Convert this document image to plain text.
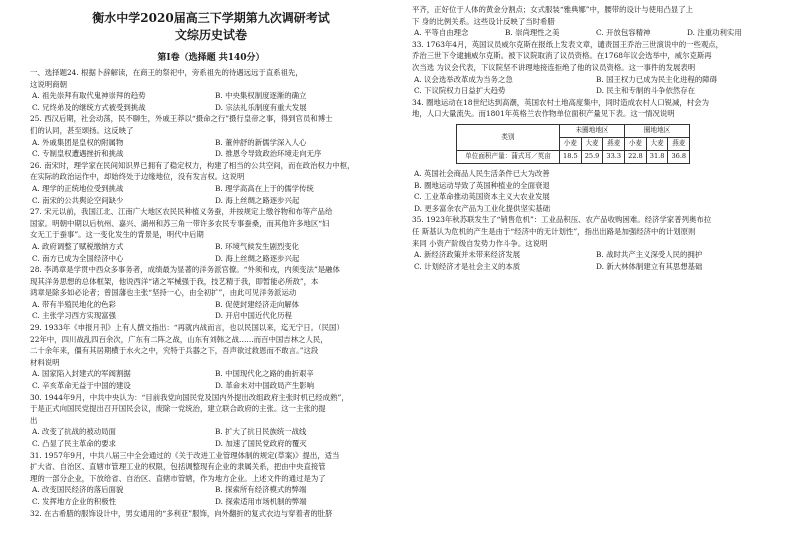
衡水中学2020届高三下学期第九次调研考试

文综历史试卷

第Ⅰ卷（选择题 共140分）

一、选择题24. 根据卜辞解读，在商王的祭祀中，旁系祖先的待遇远远于直系祖先，

这说明商朝

A. 祖先崇拜有取代鬼神崇拜的趋势	B. 中央集权制度逐渐的确立
C. 兄终弟及的继统方式被受到挑战	D. 宗法礼乐制度有重大发展

25. 西汉后期，社会动荡，民不聊生，外戚王莽以“摄命之行”摄行皇帝之事，得到官员和博士

们的认同，甚至颂扬。这反映了

A. 外戚集团是皇权的附属物	B. 董仲舒的新儒学深入人心
C. 专制皇权遭遇挫折和挑战	D. 推恩令导致政治环境走向无序

26. 南宋时，理学家在民间知识界已拥有了稳定权力，构建了相当的公共空间，而在政治权力中枢，

在实际的政治运作中，却始终处于边缘地位，没有发言权。这说明

A. 理学的正统地位受到挑战	B. 理学高高在上于的儒学传统
C. 南宋的公共舆论空间缺少	D. 海上丝绸之路逐步兴起

27. 宋元以前，我国江北、江南广大地区农民民种植义务蚕，并按规定上缴谷物和布等产品给

国家。明朝中期以后杭州、嘉兴、湖州和苏三角一带许多农民专事蚕桑，而其他许多地区“妇

女无工于蚕事”。这一变化发生的背景是，明代中后期

A. 政府调整了赋税缴纳方式	B. 环境气候发生剧烈变化
C. 南方已成为全国经济中心	D. 海上丝绸之路逐步兴起

28. 李鸿章是学贯中西众多事务者，成绩最为显著的洋务派官僚。“外须和戎，内须变法”是融体

现其洋务思想的总体框架，他说西洋“诸之军械强于我，技艺精于我，即暂能必所敌”，本

鸿章是除多如必论者；曾国藩也主张“坚持一心，由全初扩”，由此可见洋务派运动

A. 带有半殖民地化的色彩	B. 促使封建经济走向解体
C. 主张学习西方实现富强	D. 开启中国近代化历程

29. 1933年《申报月刊》上有人撰文指出：“再就内战而言，也以民国以来，迄无宁日。（民国）

22年中，四川战乱四百余次，广东有二阵之战，山东有刘韩之战……而百中国吉林之人民，

二十余年来，僵有其居期横于水火之中，究特于兵器之下，吾声欲过救恩而不敢言。”这段

材料说明

A. 国家陷入封建式的军阀割据	B. 中国现代化之路的曲折艰辛
C. 辛亥革命无益于中国的建设	D. 革命未对中国政局产生影响

30. 1944年9月，中共中央认为：“目前我党向国民党及国内外提出改组政府主张时机已经成熟”，

于是正式向国民党提出召开国民会议，废除一党统治，建立联合政府的主张。这一主张的提

出

A. 改变了抗战的被动局面	B. 扩大了抗日民族统一战线
C. 凸显了民主革命的要求	D. 加速了国民党政府的覆灭

31. 1957年9月，中共八届三中全会通过的《关于改进工业管理体制的规定(草案)》提出，适当

扩大省、自治区、直辖市管理工业的权限，包括调整现有企业的隶属关系，把由中央直接管

理的一部分企业，下放给省、自治区、直辖市管辖，作为地方企业。上述文件的通过是为了

A. 改变国民经济的落后面貌	B. 探索所有经济模式的弊端
C. 发挥地方企业的积极性	D. 探索适用市场机制的弊端

32. 在古希腊的服饰设计中，男女通用的“多利亚”服饰，向外翻折的复式衣边与穿着者的肚脐

平齐，正好位于人体的黄金分割点；女式服装“雅典娜”中，腰带的设计与使用凸显了上

下 身的比例关系。这些设计反映了当时希腊

A. 平等自由理念	B. 崇尚理性之美	C. 开放包容精神	D. 注重功利实用

33. 1763年4月，英国议员威尔克斯在报纸上发表文章，谴责国王乔治三世演说中的一些观点，

乔治三世下令逮捕威尔克斯。被下议院取消了议员资格。在1768年议会选举中，威尔克斯再

次当选 为议会代表，下议院坚不讲理地接连拒绝了他的议员资格。这一事件的发展表明

A. 议会选举改革成为当务之急	B. 国王权力已成为民主化进程的障碍
C. 下议院权力日益扩大趋势	D. 民主和专制的斗争依然存在

34. 圈地运动在18世纪达到高潮，英国农村土地高度集中，同时造成农村人口锐减，村会为

地，人口大量流失。而1801年英格兰农作物单位面积产量见下表。这一情况说明

类别	未圈地地区			圈地地区		
	小麦	大麦	燕麦	小麦	大麦	燕麦
单位面积产量：蒲式耳／英亩	18.5	25.9	33.3	22.8	31.8	36.8

A. 英国社会商品人民生活条件已大为改善

B. 圈地运动导致了英国种植业的全面衰退

C. 工业革命推动英国资本主义大农业发展

D. 更多富余农产品为工业化提供坚实基础

35. 1923年秋苏联发生了“销售危机”：工业品积压、农产品收购困难。经济学家普列奥布拉

任 斯基认为危机的产生是由于“经济中的无计划性”，指出出路是加强经济中的计划原则

来同 小资产阶级自发势力作斗争。这说明

A. 新经济政策并未带来经济发展	B. 战时共产主义深受人民的拥护
C. 计划经济才是社会主义的本质	D. 新大林体制建立有其思想基础
